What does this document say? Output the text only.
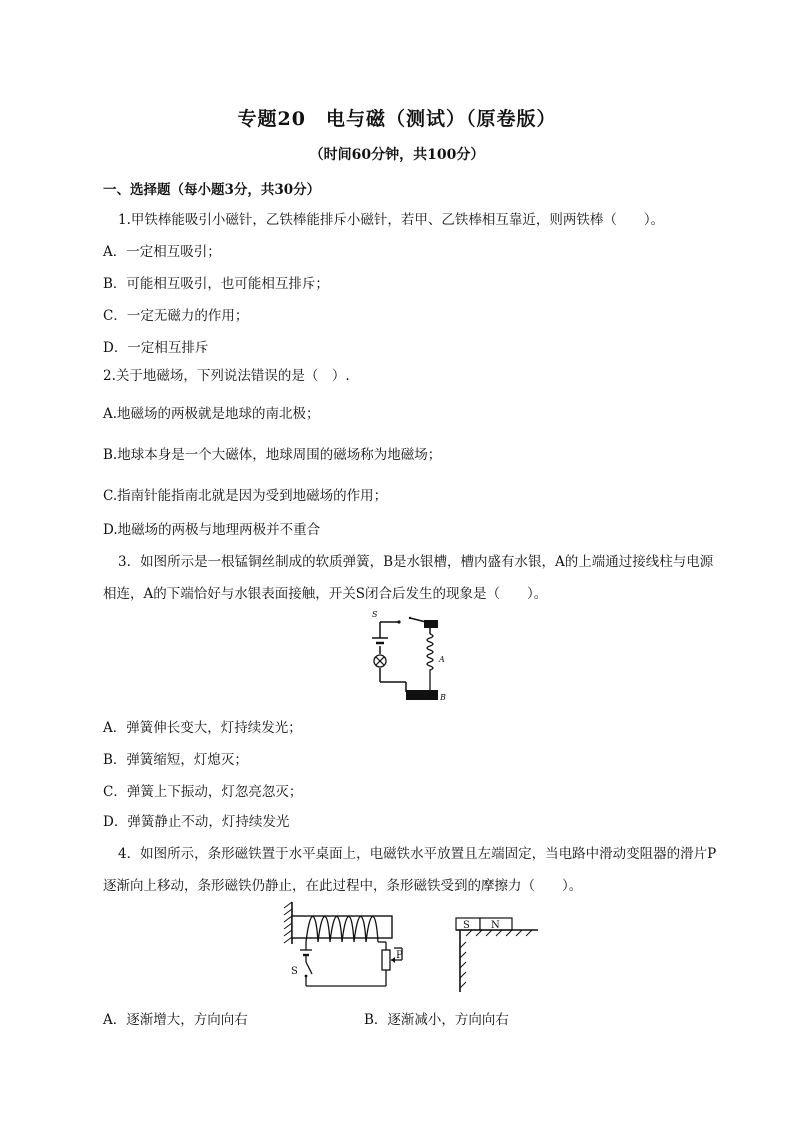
专题20　电与磁（测试）（原卷版）
（时间60分钟，共100分）
一、选择题（每小题3分，共30分）
1.甲铁棒能吸引小磁针，乙铁棒能排斥小磁针，若甲、乙铁棒相互靠近，则两铁棒（　　）。
A．一定相互吸引；
B．可能相互吸引，也可能相互排斥；
C．一定无磁力的作用；
D．一定相互排斥
2.关于地磁场，下列说法错误的是（　）.
A.地磁场的两极就是地球的南北极；
B.地球本身是一个大磁体，地球周围的磁场称为地磁场；
C.指南针能指南北就是因为受到地磁场的作用；
D.地磁场的两极与地理两极并不重合
3．如图所示是一根锰铜丝制成的软质弹簧，B是水银槽，槽内盛有水银，A的上端通过接线柱与电源
相连，A的下端恰好与水银表面接触，开关S闭合后发生的现象是（　　）。
S
A
B
A．弹簧伸长变大，灯持续发光；
B．弹簧缩短，灯熄灭；
C．弹簧上下振动，灯忽亮忽灭；
D．弹簧静止不动，灯持续发光
4．如图所示，条形磁铁置于水平桌面上，电磁铁水平放置且左端固定，当电路中滑动变阻器的滑片P
逐渐向上移动，条形磁铁仍静止，在此过程中，条形磁铁受到的摩擦力（　　）。
S
P
S N
A．逐渐增大，方向向右	B．逐渐减小，方向向右
